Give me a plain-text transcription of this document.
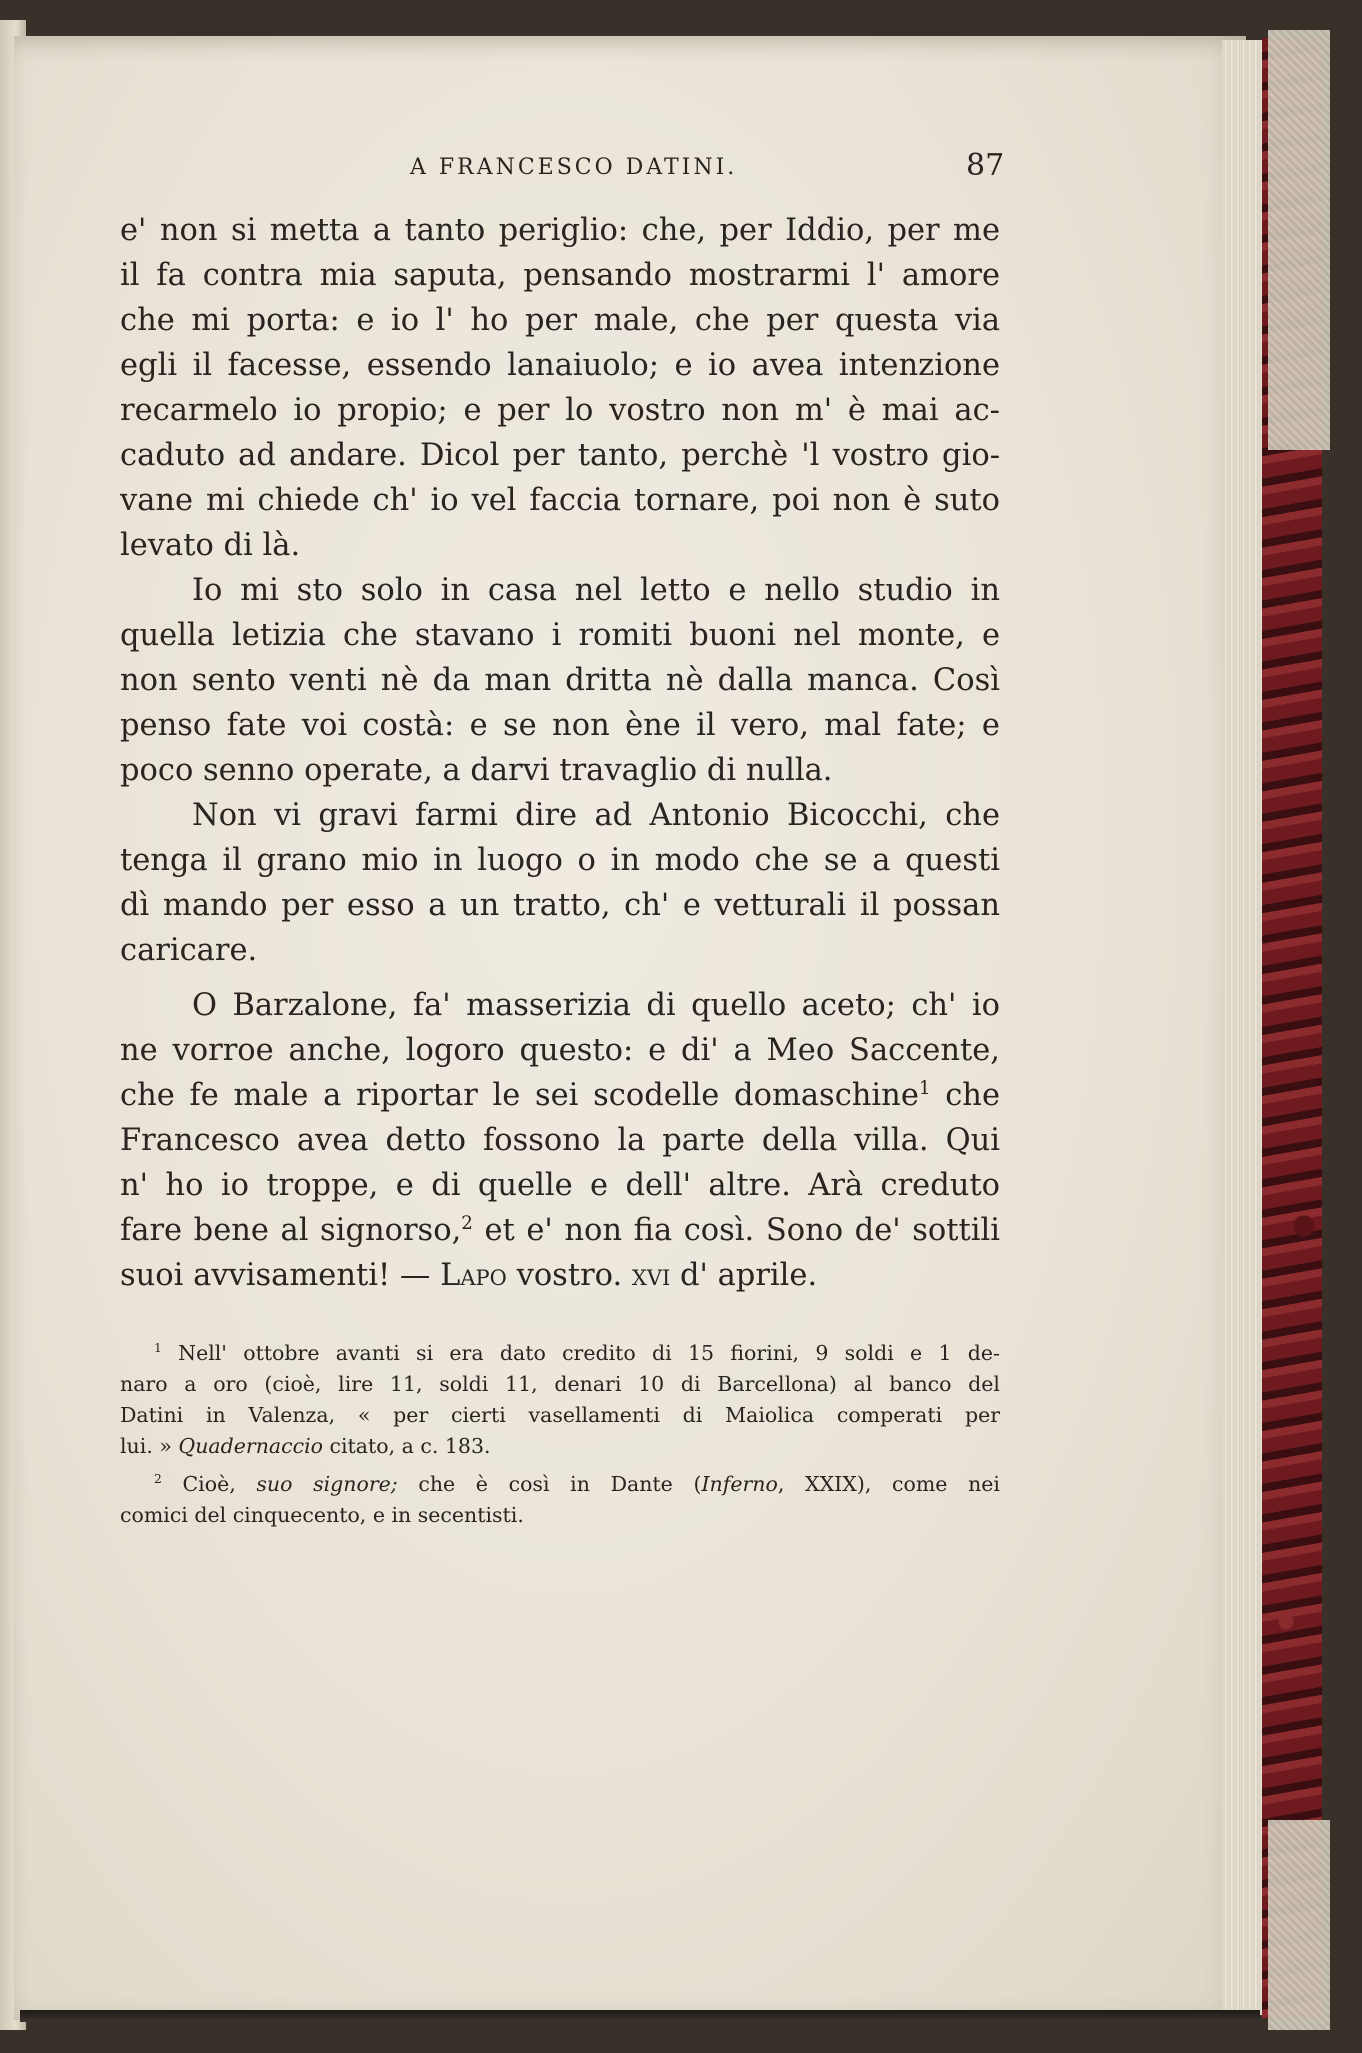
A FRANCESCO DATINI.	87
e' non si metta a tanto periglio: che, per Iddio, per me
il fa contra mia saputa, pensando mostrarmi l' amore
che mi porta: e io l' ho per male, che per questa via
egli il facesse, essendo lanaiuolo; e io avea intenzione
recarmelo io propio; e per lo vostro non m' è mai ac-
caduto ad andare. Dicol per tanto, perchè 'l vostro gio-
vane mi chiede ch' io vel faccia tornare, poi non è suto
levato di là.
Io mi sto solo in casa nel letto e nello studio in
quella letizia che stavano i romiti buoni nel monte, e
non sento venti nè da man dritta nè dalla manca. Così
penso fate voi costà: e se non ène il vero, mal fate; e
poco senno operate, a darvi travaglio di nulla.
Non vi gravi farmi dire ad Antonio Bicocchi, che
tenga il grano mio in luogo o in modo che se a questi
dì mando per esso a un tratto, ch' e vetturali il possan
caricare.
O Barzalone, fa' masserizia di quello aceto; ch' io
ne vorroe anche, logoro questo: e di' a Meo Saccente,
che fe male a riportar le sei scodelle domaschine$^1$ che
Francesco avea detto fossono la parte della villa. Qui
n' ho io troppe, e di quelle e dell' altre. Arà creduto
fare bene al signorso,$^2$ et e' non fia così. Sono de' sottili
suoi avvisamenti! — Lapo vostro. xvi d' aprile.
$^1$ Nell' ottobre avanti si era dato credito di 15 fiorini, 9 soldi e 1 de-
naro a oro (cioè, lire 11, soldi 11, denari 10 di Barcellona) al banco del
Datini in Valenza, « per cierti vasellamenti di Maiolica comperati per
lui. » Quadernaccio citato, a c. 183.
$^2$ Cioè, suo signore; che è così in Dante (Inferno, XXIX), come nei
comici del cinquecento, e in secentisti.
